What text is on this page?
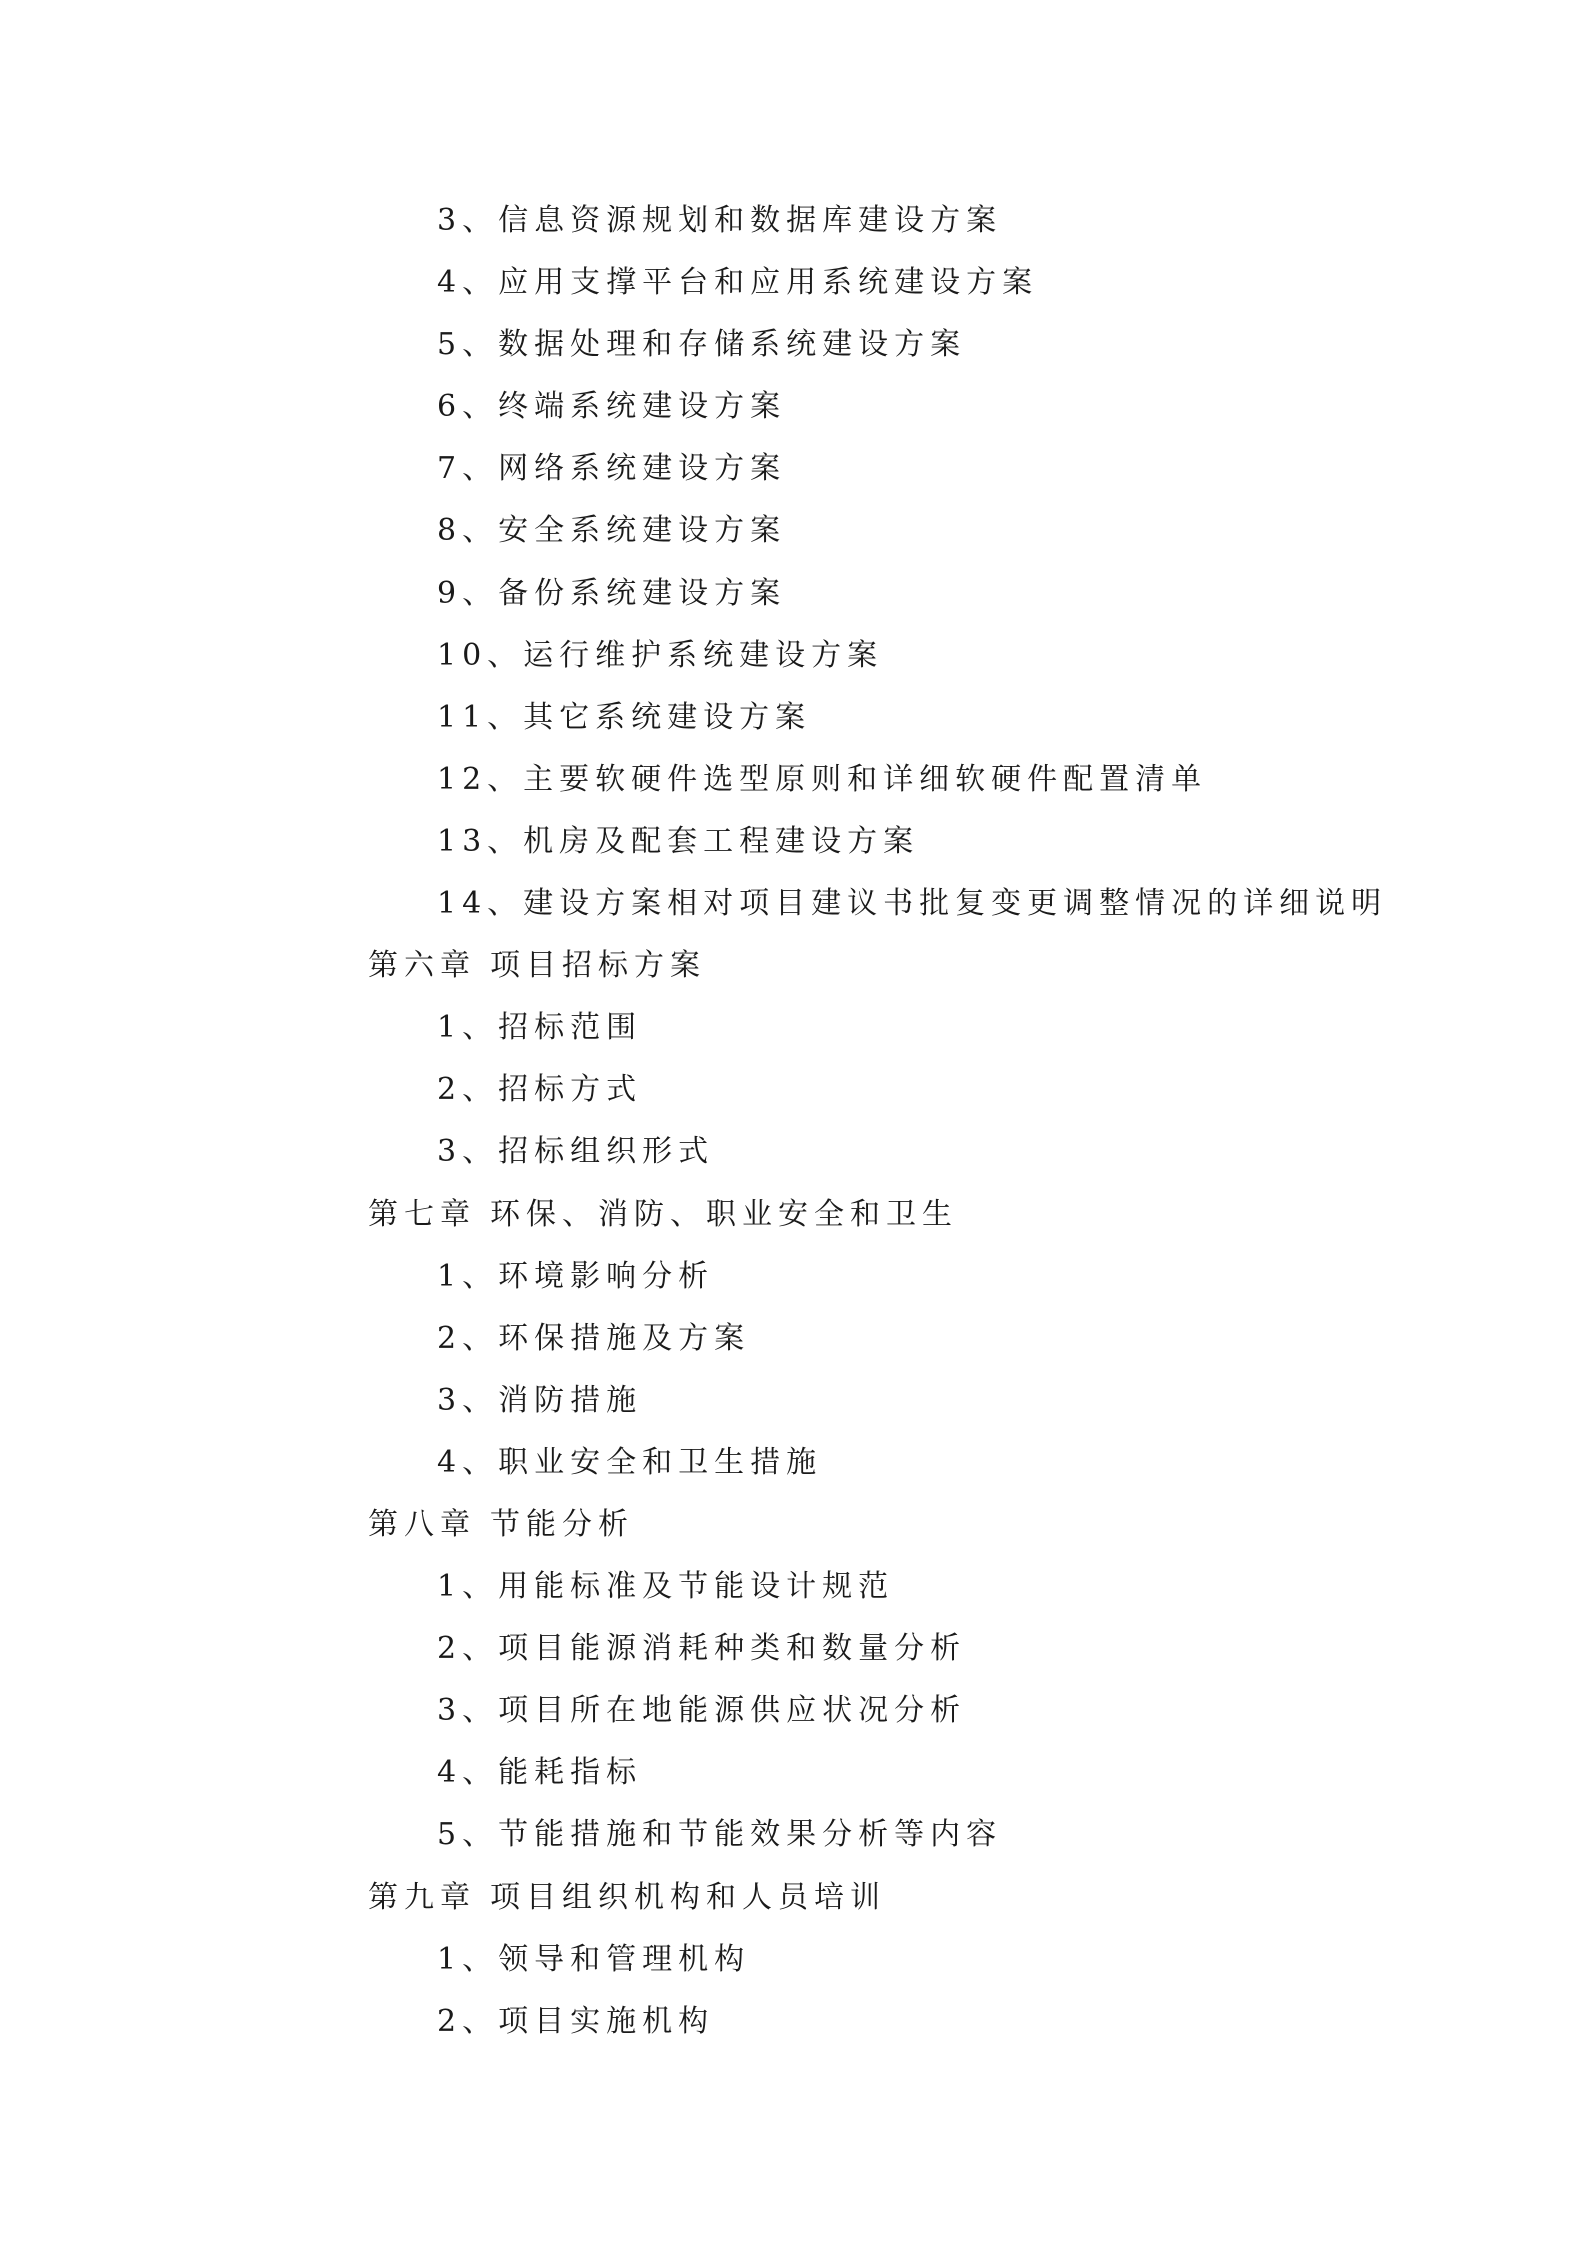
3、信息资源规划和数据库建设方案
4、应用支撑平台和应用系统建设方案
5、数据处理和存储系统建设方案
6、终端系统建设方案
7、网络系统建设方案
8、安全系统建设方案
9、备份系统建设方案
10、运行维护系统建设方案
11、其它系统建设方案
12、主要软硬件选型原则和详细软硬件配置清单
13、机房及配套工程建设方案
14、建设方案相对项目建议书批复变更调整情况的详细说明
第六章 项目招标方案
1、招标范围
2、招标方式
3、招标组织形式
第七章 环保、消防、职业安全和卫生
1、环境影响分析
2、环保措施及方案
3、消防措施
4、职业安全和卫生措施
第八章 节能分析
1、用能标准及节能设计规范
2、项目能源消耗种类和数量分析
3、项目所在地能源供应状况分析
4、能耗指标
5、节能措施和节能效果分析等内容
第九章 项目组织机构和人员培训
1、领导和管理机构
2、项目实施机构
